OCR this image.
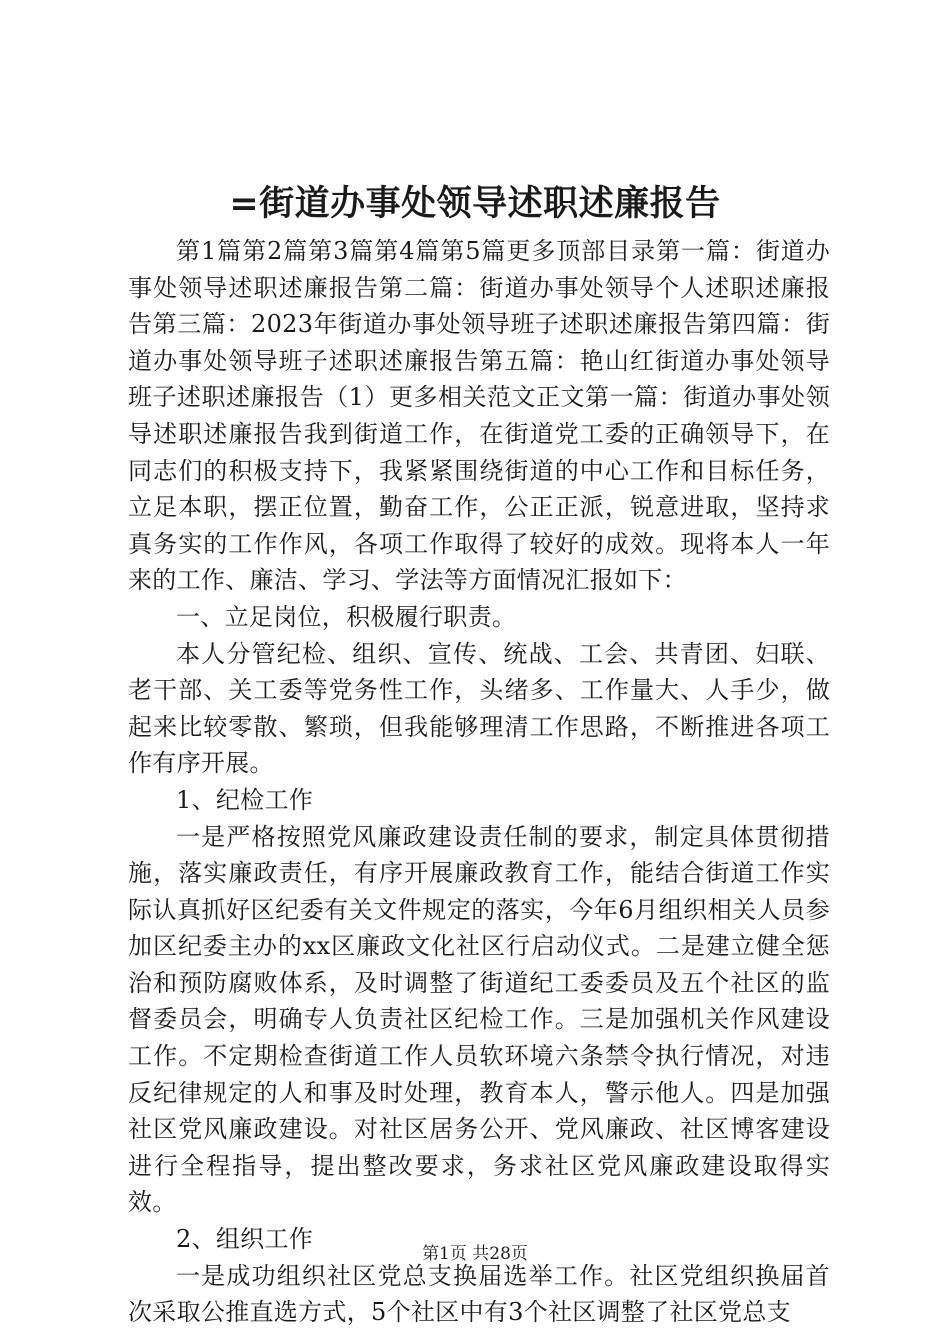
=街道办事处领导述职述廉报告

第1篇第2篇第3篇第4篇第5篇更多顶部目录第一篇：街道办事处领导述职述廉报告第二篇：街道办事处领导个人述职述廉报告第三篇：2023年街道办事处领导班子述职述廉报告第四篇：街道办事处领导班子述职述廉报告第五篇：艳山红街道办事处领导班子述职述廉报告（1）更多相关范文正文第一篇：街道办事处领导述职述廉报告我到街道工作，在街道党工委的正确领导下，在同志们的积极支持下，我紧紧围绕街道的中心工作和目标任务，立足本职，摆正位置，勤奋工作，公正正派，锐意进取，坚持求真务实的工作作风，各项工作取得了较好的成效。现将本人一年来的工作、廉洁、学习、学法等方面情况汇报如下：

一、立足岗位，积极履行职责。

本人分管纪检、组织、宣传、统战、工会、共青团、妇联、老干部、关工委等党务性工作，头绪多、工作量大、人手少，做起来比较零散、繁琐，但我能够理清工作思路，不断推进各项工作有序开展。

1、纪检工作

一是严格按照党风廉政建设责任制的要求，制定具体贯彻措施，落实廉政责任，有序开展廉政教育工作，能结合街道工作实际认真抓好区纪委有关文件规定的落实，今年6月组织相关人员参加区纪委主办的xx区廉政文化社区行启动仪式。二是建立健全惩治和预防腐败体系，及时调整了街道纪工委委员及五个社区的监督委员会，明确专人负责社区纪检工作。三是加强机关作风建设工作。不定期检查街道工作人员软环境六条禁令执行情况，对违反纪律规定的人和事及时处理，教育本人，警示他人。四是加强社区党风廉政建设。对社区居务公开、党风廉政、社区博客建设进行全程指导，提出整改要求，务求社区党风廉政建设取得实效。

2、组织工作

一是成功组织社区党总支换届选举工作。社区党组织换届首次采取公推直选方式，5个社区中有3个社区调整了社区党总支

第1页 共28页
